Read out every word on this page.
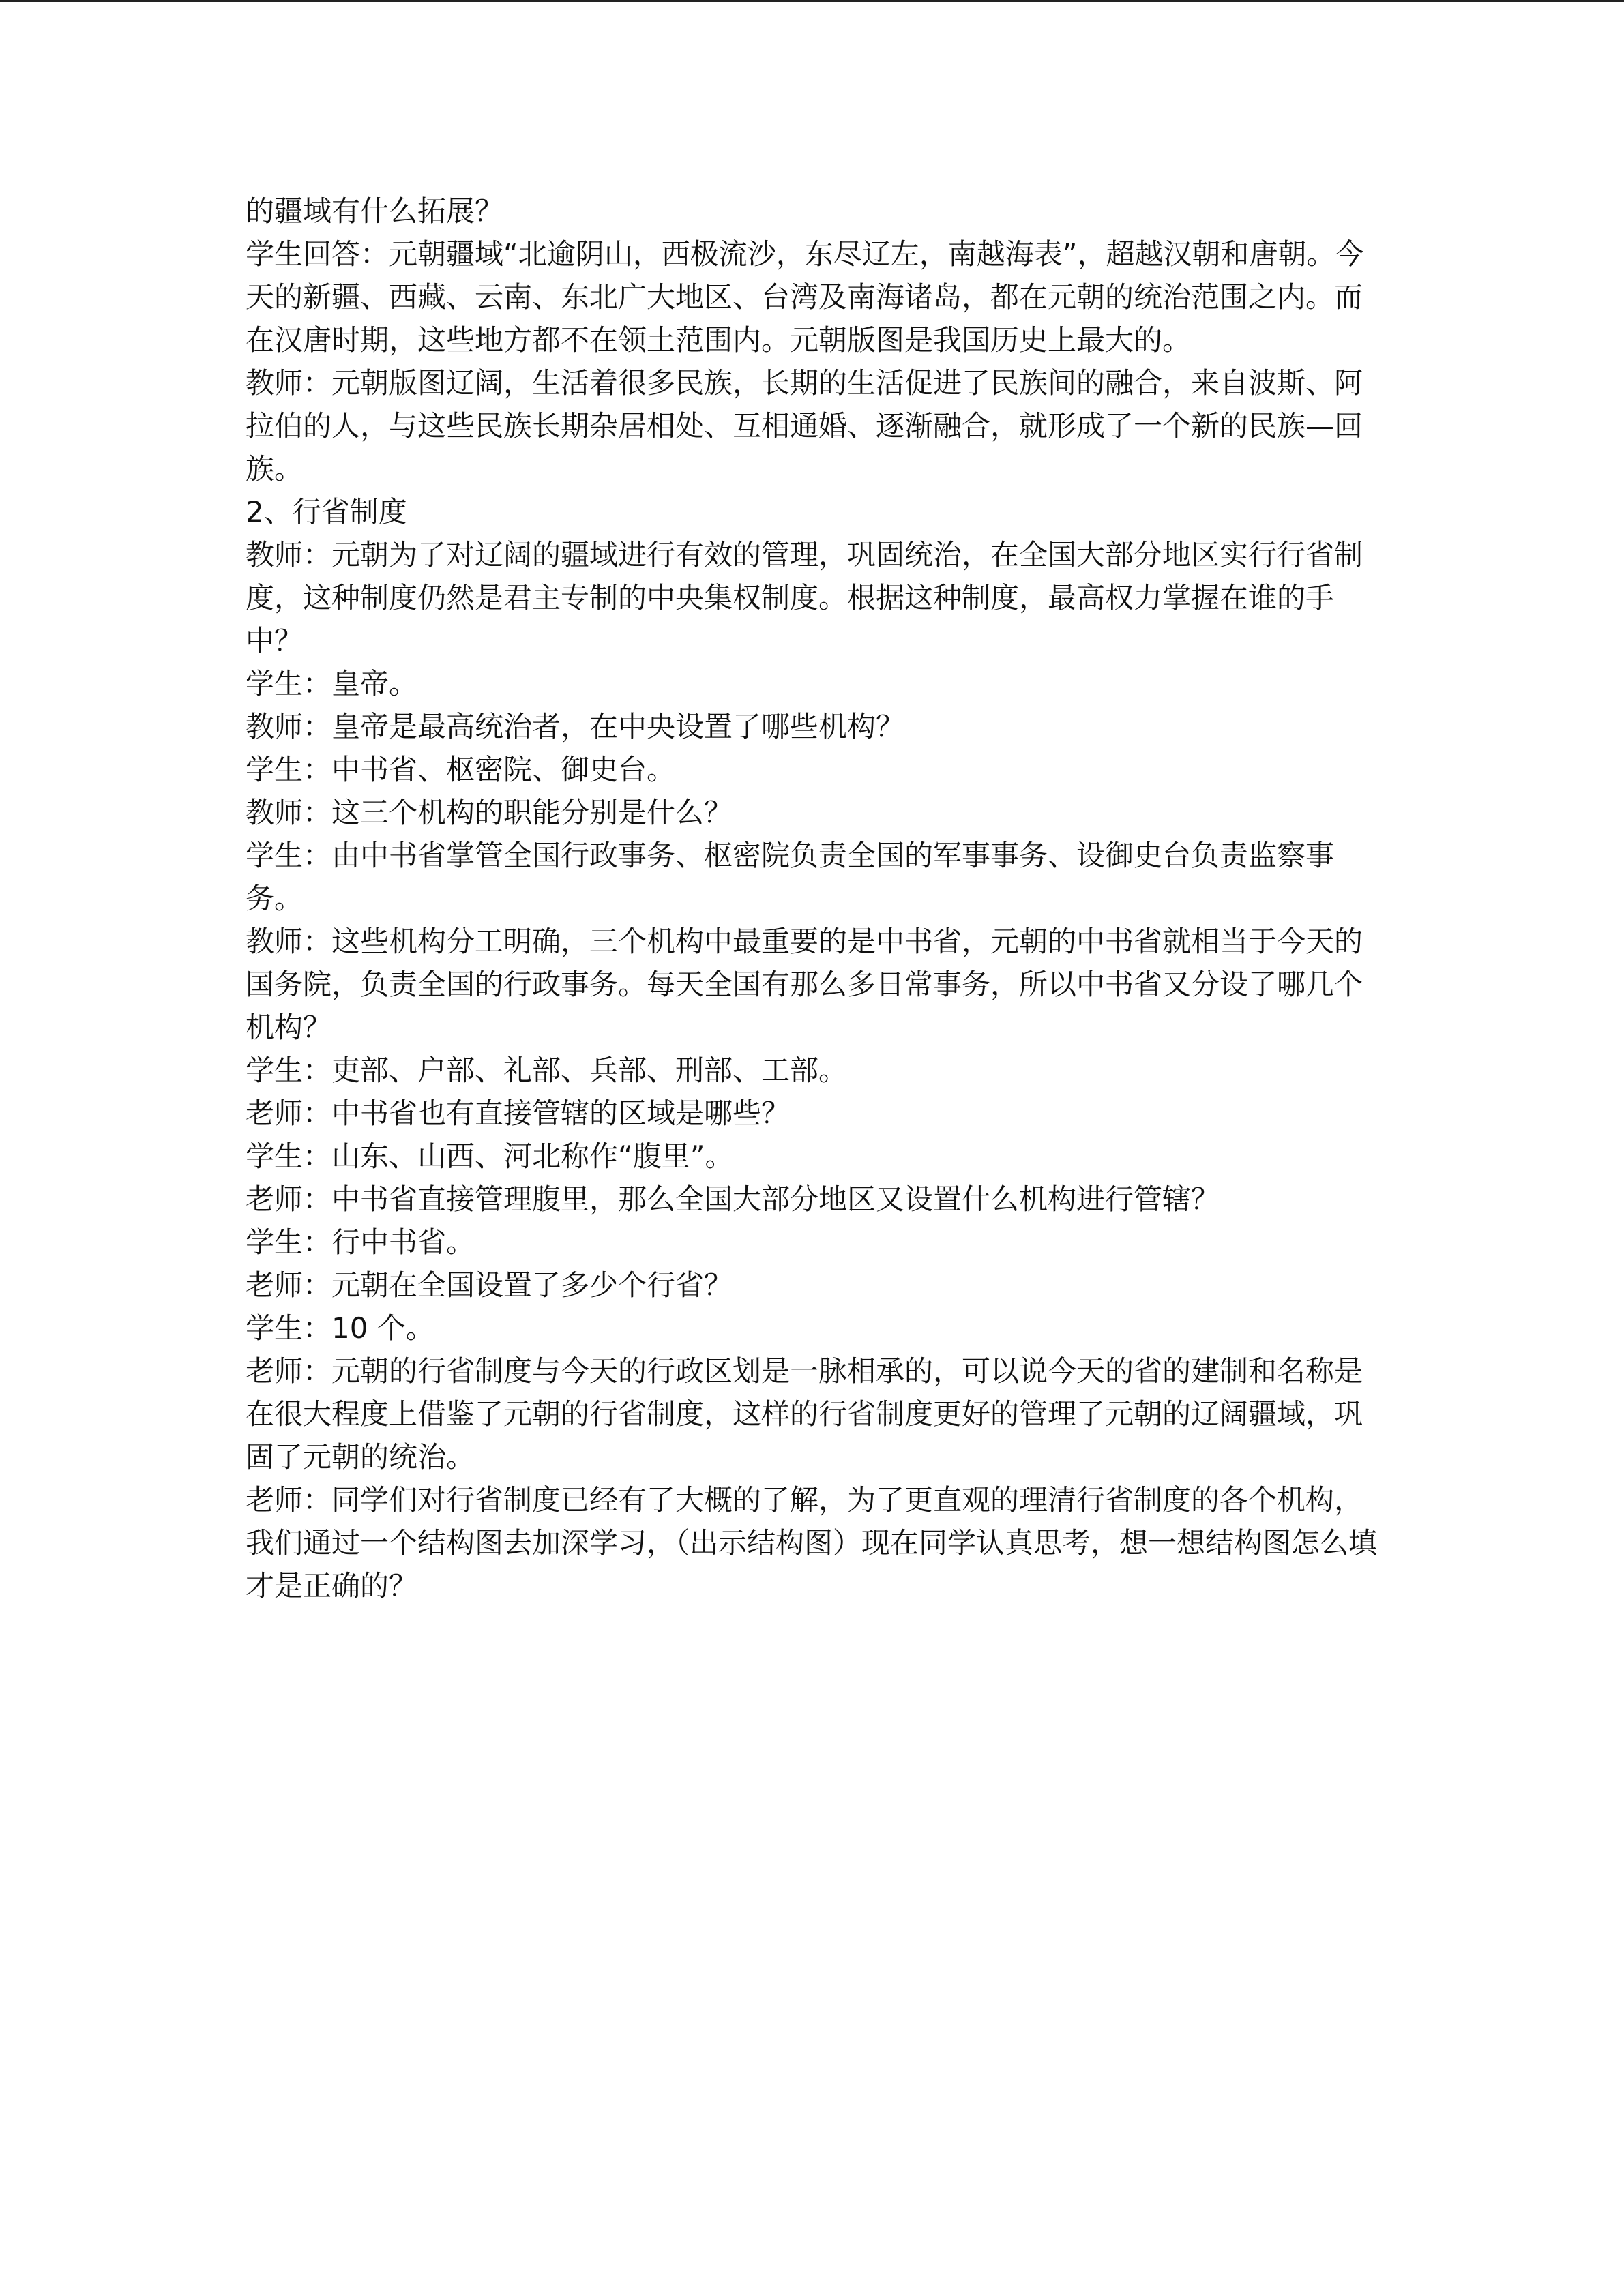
的疆域有什么拓展？

学生回答：元朝疆域“北逾阴山，西极流沙，东尽辽左，南越海表”，超越汉朝和唐朝。今天的新疆、西藏、云南、东北广大地区、台湾及南海诸岛，都在元朝的统治范围之内。而在汉唐时期，这些地方都不在领土范围内。元朝版图是我国历史上最大的。

教师：元朝版图辽阔，生活着很多民族，长期的生活促进了民族间的融合，来自波斯、阿拉伯的人，与这些民族长期杂居相处、互相通婚、逐渐融合，就形成了一个新的民族—回族。

2、行省制度

教师：元朝为了对辽阔的疆域进行有效的管理，巩固统治，在全国大部分地区实行行省制度，这种制度仍然是君主专制的中央集权制度。根据这种制度，最高权力掌握在谁的手中？

学生：皇帝。

教师：皇帝是最高统治者，在中央设置了哪些机构？

学生：中书省、枢密院、御史台。

教师：这三个机构的职能分别是什么？

学生：由中书省掌管全国行政事务、枢密院负责全国的军事事务、设御史台负责监察事务。

教师：这些机构分工明确，三个机构中最重要的是中书省，元朝的中书省就相当于今天的国务院，负责全国的行政事务。每天全国有那么多日常事务，所以中书省又分设了哪几个机构？

学生：吏部、户部、礼部、兵部、刑部、工部。

老师：中书省也有直接管辖的区域是哪些？

学生：山东、山西、河北称作“腹里”。

老师：中书省直接管理腹里，那么全国大部分地区又设置什么机构进行管辖？

学生：行中书省。

老师：元朝在全国设置了多少个行省？

学生：10 个。

老师：元朝的行省制度与今天的行政区划是一脉相承的，可以说今天的省的建制和名称是在很大程度上借鉴了元朝的行省制度，这样的行省制度更好的管理了元朝的辽阔疆域，巩固了元朝的统治。

老师：同学们对行省制度已经有了大概的了解，为了更直观的理清行省制度的各个机构，我们通过一个结构图去加深学习，（出示结构图）现在同学认真思考，想一想结构图怎么填才是正确的？
